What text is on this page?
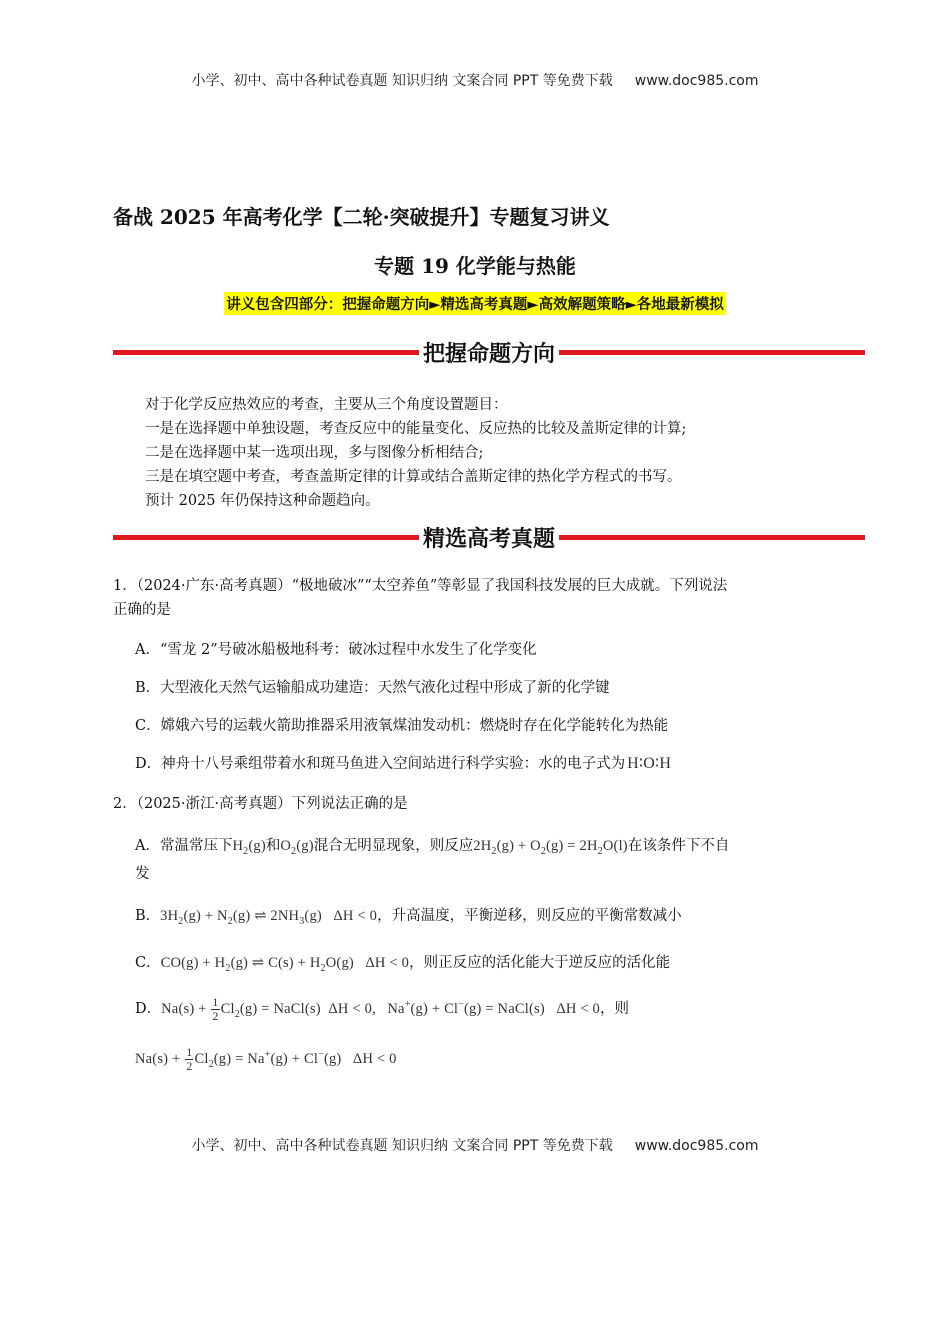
小学、初中、高中各种试卷真题 知识归纳 文案合同 PPT 等免费下载 www.doc985.com
备战 2025 年高考化学【二轮·突破提升】专题复习讲义
专题 19 化学能与热能
讲义包含四部分：把握命题方向►精选高考真题►高效解题策略►各地最新模拟
把握命题方向

对于化学反应热效应的考查，主要从三个角度设置题目：

一是在选择题中单独设题，考查反应中的能量变化、反应热的比较及盖斯定律的计算;

二是在选择题中某一选项出现，多与图像分析相结合;

三是在填空题中考查，考查盖斯定律的计算或结合盖斯定律的热化学方程式的书写。

预计 2025 年仍保持这种命题趋向。

精选高考真题

1．（2024·广东·高考真题）“极地破冰”“太空养鱼”等彰显了我国科技发展的巨大成就。下列说法

正确的是

A．“雪龙 2”号破冰船极地科考：破冰过程中水发生了化学变化
B．大型液化天然气运输船成功建造：天然气液化过程中形成了新的化学键
C．嫦娥六号的运载火箭助推器采用液氧煤油发动机：燃烧时存在化学能转化为热能
D．神舟十八号乘组带着水和斑马鱼进入空间站进行科学实验：水的电子式为 H∶O∶H
2．（2025·浙江·高考真题）下列说法正确的是
A．常温常压下$H_2(g)$和$O_2(g)$混合无明显现象，则反应$2H_2(g) + O_2(g) = 2H_2O(l)$在该条件下不自
发
B．$3H_2(g) + N_2(g)$ ⇌ $2NH_3(g) \Delta H < 0$，升高温度，平衡逆移，则反应的平衡常数减小
C．$CO(g) + H_2(g)$ ⇌ $C(s) + H_2O(g) \Delta H < 0$，则正反应的活化能大于逆反应的活化能
D．$Na(s) + \frac{1}{2} Cl_2(g)$ = NaCl(s)  ΔH < 0,   Na+(g) + Cl−(g) = NaCl(s)   ΔH < 0，则
$Na(s) + \frac{1}{2} Cl_2(g) = Na^+(g) + Cl^-(g) \Delta H < 0$
小学、初中、高中各种试卷真题 知识归纳 文案合同 PPT 等免费下载 www.doc985.com
